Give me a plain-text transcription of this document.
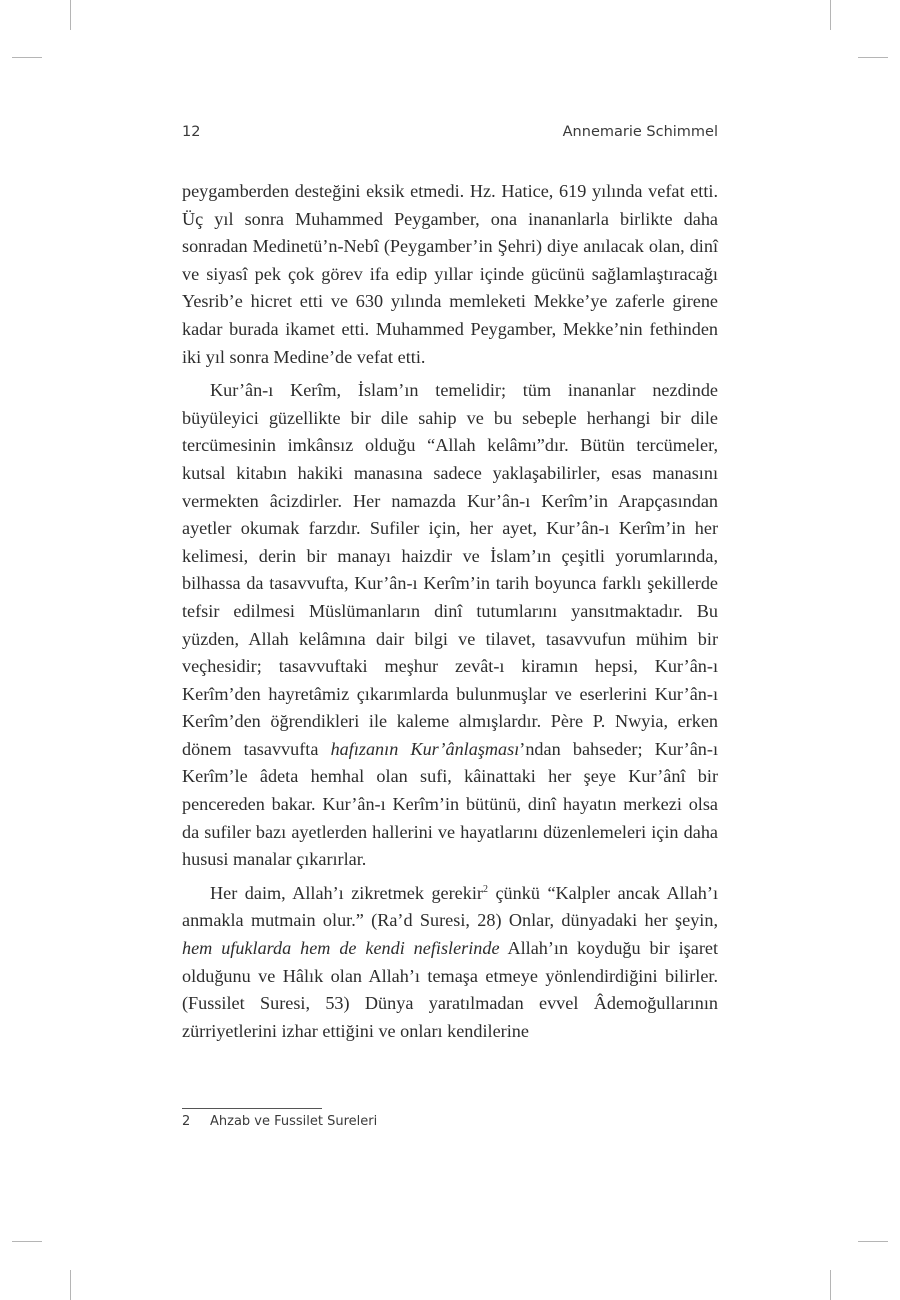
12	Annemarie Schimmel

peygamberden desteğini eksik etmedi. Hz. Hatice, 619 yılında vefat etti. Üç yıl sonra Muhammed Peygamber, ona inananlarla birlikte daha sonradan Medinetü’n-Nebî (Peygamber’in Şehri) diye anılacak olan, dinî ve siyasî pek çok görev ifa edip yıllar içinde gücünü sağlamlaştıracağı Yesrib’e hicret etti ve 630 yılında memleketi Mekke’ye zaferle girene kadar burada ikamet etti. Muhammed Peygamber, Mekke’nin fethinden iki yıl sonra Medine’de vefat etti.

Kur’ân-ı Kerîm, İslam’ın temelidir; tüm inananlar nezdinde büyüleyici güzellikte bir dile sahip ve bu sebeple herhangi bir dile tercümesinin imkânsız olduğu “Allah kelâmı”dır. Bütün tercümeler, kutsal kitabın hakiki manasına sadece yaklaşabilirler, esas manasını vermekten âcizdirler. Her namazda Kur’ân-ı Kerîm’in Arapçasından ayetler okumak farzdır. Sufiler için, her ayet, Kur’ân-ı Kerîm’in her kelimesi, derin bir manayı haizdir ve İslam’ın çeşitli yorumlarında, bilhassa da tasavvufta, Kur’ân-ı Kerîm’in tarih boyunca farklı şekillerde tefsir edilmesi Müslümanların dinî tutumlarını yansıtmaktadır. Bu yüzden, Allah kelâmına dair bilgi ve tilavet, tasavvufun mühim bir veçhesidir; tasavvuftaki meşhur zevât-ı kiramın hepsi, Kur’ân-ı Kerîm’den hayretâmiz çıkarımlarda bulunmuşlar ve eserlerini Kur’ân-ı Kerîm’den öğrendikleri ile kaleme almışlardır. Père P. Nwyia, erken dönem tasavvufta hafızanın Kur’ânlaşması’ndan bahseder; Kur’ân-ı Kerîm’le âdeta hemhal olan sufi, kâinattaki her şeye Kur’ânî bir pencereden bakar. Kur’ân-ı Kerîm’in bütünü, dinî hayatın merkezi olsa da sufiler bazı ayetlerden hallerini ve hayatlarını düzenlemeleri için daha hususi manalar çıkarırlar.

Her daim, Allah’ı zikretmek gerekir$^2$ çünkü “Kalpler ancak Allah’ı anmakla mutmain olur.” (Ra’d Suresi, 28) Onlar, dünyadaki her şeyin, hem ufuklarda hem de kendi nefislerinde Allah’ın koyduğu bir işaret olduğunu ve Hâlık olan Allah’ı temaşa etmeye yönlendirdiğini bilirler. (Fussilet Suresi, 53) Dünya yaratılmadan evvel Âdemoğullarının zürriyetlerini izhar ettiğini ve onları kendilerine

2 Ahzab ve Fussilet Sureleri
